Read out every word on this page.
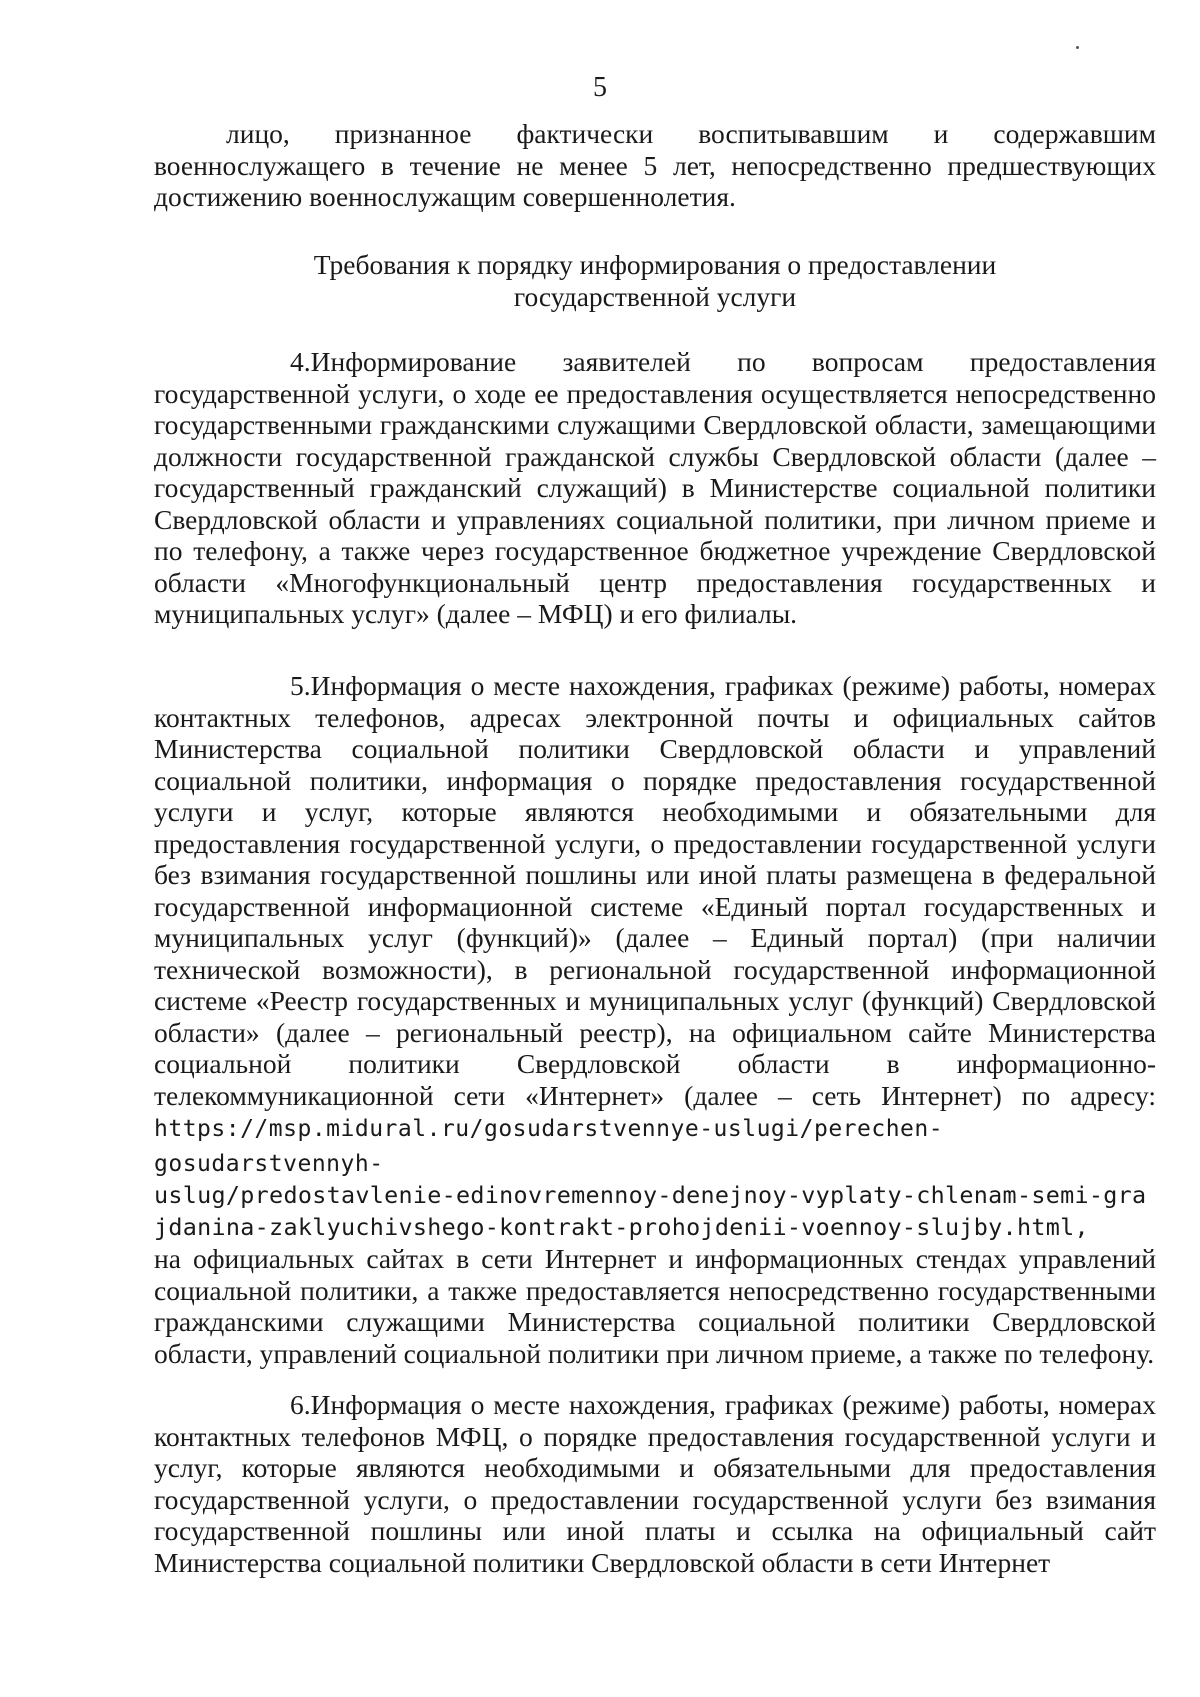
5

лицо, признанное фактически воспитывавшим и содержавшим военнослужащего в течение не менее 5 лет, непосредственно предшествующих достижению военнослужащим совершеннолетия.

Требования к порядку информирования о предоставлении
государственной услуги

4.Информирование заявителей по вопросам предоставления государственной услуги, о ходе ее предоставления осуществляется непосредственно государственными гражданскими служащими Свердловской области, замещающими должности государственной гражданской службы Свердловской области (далее – государственный гражданский служащий) в Министерстве социальной политики Свердловской области и управлениях социальной политики, при личном приеме и по телефону, а также через государственное бюджетное учреждение Свердловской области «Многофункциональный центр предоставления государственных и муниципальных услуг» (далее – МФЦ) и его филиалы.

5.Информация о месте нахождения, графиках (режиме) работы, номерах контактных телефонов, адресах электронной почты и официальных сайтов Министерства социальной политики Свердловской области и управлений социальной политики, информация о порядке предоставления государственной услуги и услуг, которые являются необходимыми и обязательными для предоставления государственной услуги, о предоставлении государственной услуги без взимания государственной пошлины или иной платы размещена в федеральной государственной информационной системе «Единый портал государственных и муниципальных услуг (функций)» (далее – Единый портал) (при наличии технической возможности), в региональной государственной информационной системе «Реестр государственных и муниципальных услуг (функций) Свердловской области» (далее – региональный реестр), на официальном сайте Министерства социальной политики Свердловской области в информационно-телекоммуникационной сети «Интернет» (далее – сеть Интернет) по адресу: https://msp.midural.ru/gosudarstvennye-uslugi/perechen-gosudarstvennyh-
uslug/predostavlenie-edinovremennoy-denejnoy-vyplaty-chlenam-semi-grajdanina-zaklyuchivshego-kontrakt-prohojdenii-voennoy-slujby.html,
на официальных сайтах в сети Интернет и информационных стендах управлений социальной политики, а также предоставляется непосредственно государственными гражданскими служащими Министерства социальной политики Свердловской области, управлений социальной политики при личном приеме, а также по телефону.

6.Информация о месте нахождения, графиках (режиме) работы, номерах контактных телефонов МФЦ, о порядке предоставления государственной услуги и услуг, которые являются необходимыми и обязательными для предоставления государственной услуги, о предоставлении государственной услуги без взимания государственной пошлины или иной платы и ссылка на официальный сайт Министерства социальной политики Свердловской области в сети Интернет
